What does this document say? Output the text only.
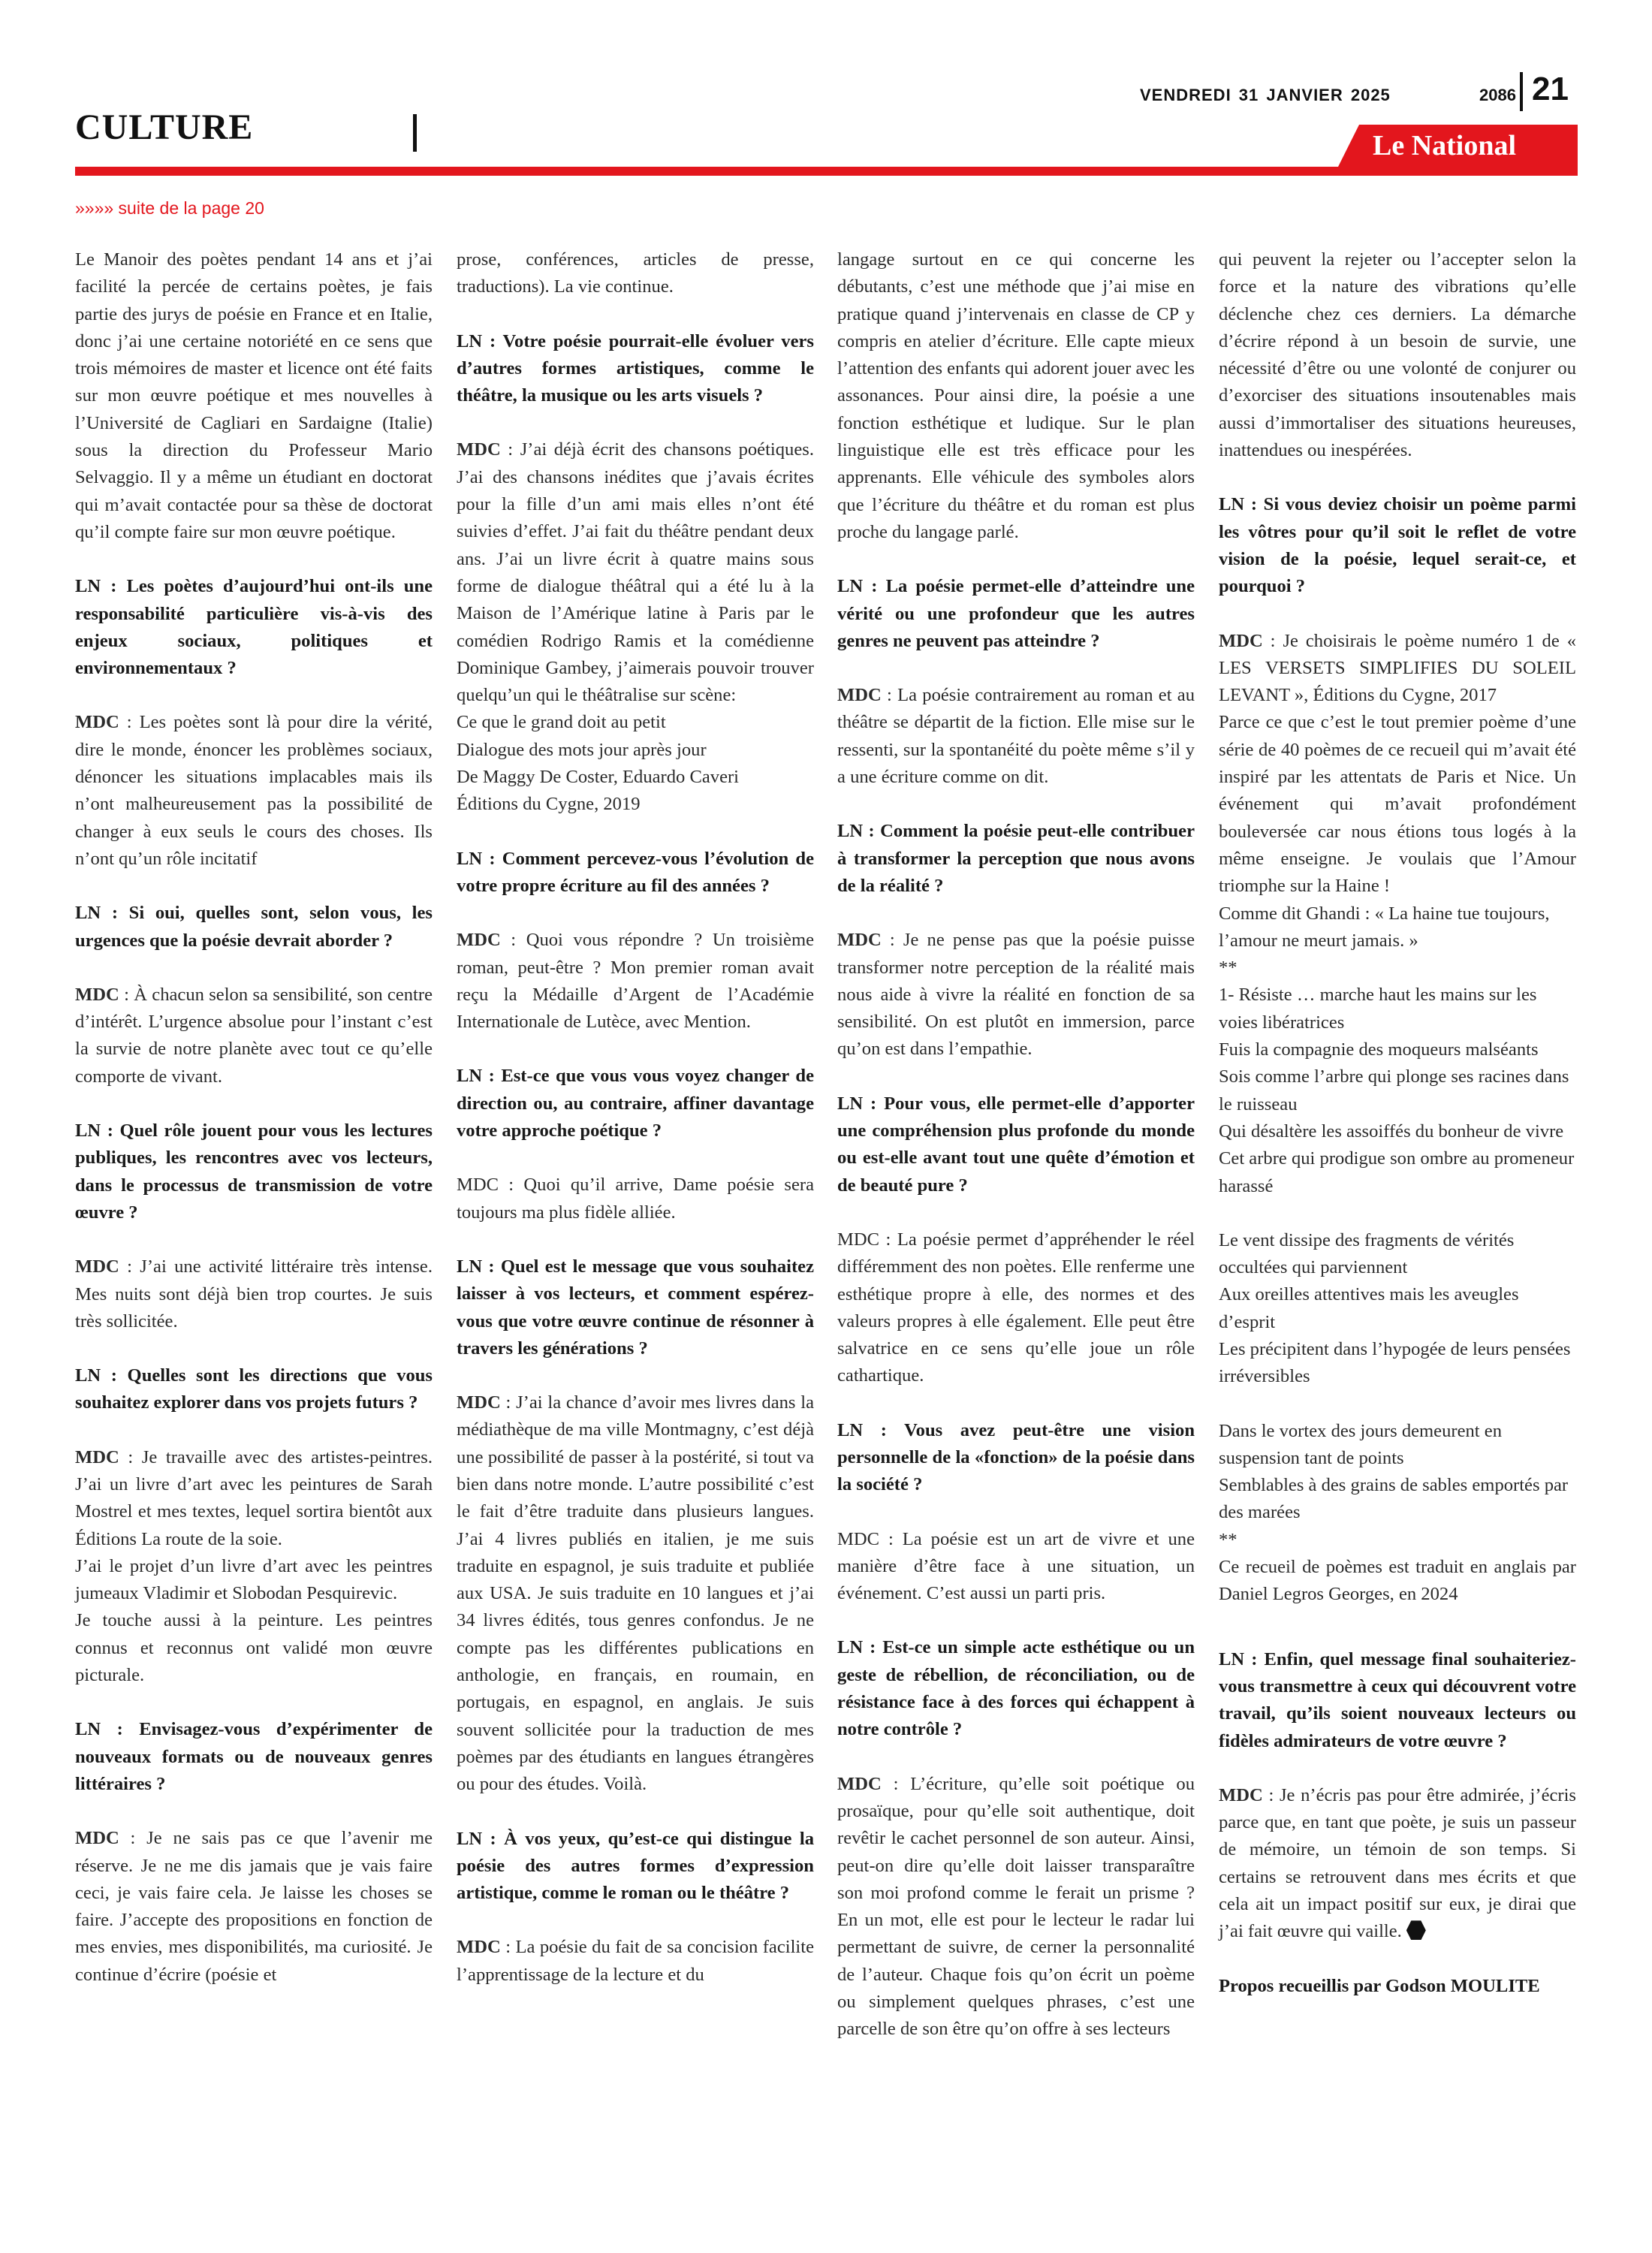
CULTURE
VENDREDI 31 JANVIER 2025	2086 21
Le National
»»»» suite de la page 20

Le Manoir des poètes pendant 14 ans et j’ai facilité la percée de certains poètes, je fais partie des jurys de poésie en France et en Italie, donc j’ai une certaine notoriété en ce sens que trois mémoires de master et licence ont été faits sur mon œuvre poétique et mes nouvelles à l’Université de Cagliari en Sardaigne (Italie) sous la direction du Professeur Mario Selvaggio. Il y a même un étudiant en doctorat qui m’avait contactée pour sa thèse de doctorat qu’il compte faire sur mon œuvre poétique.

LN : Les poètes d’aujourd’hui ont-ils une responsabilité particulière vis-à-vis des enjeux sociaux, politiques et environnementaux ?

MDC : Les poètes sont là pour dire la vérité, dire le monde, énoncer les problèmes sociaux, dénoncer les situations implacables mais ils n’ont malheureusement pas la possibilité de changer à eux seuls le cours des choses. Ils n’ont qu’un rôle incitatif

LN : Si oui, quelles sont, selon vous, les urgences que la poésie devrait aborder ?

MDC : À chacun selon sa sensibilité, son centre d’intérêt. L’urgence absolue pour l’instant c’est la survie de notre planète avec tout ce qu’elle comporte de vivant.

LN : Quel rôle jouent pour vous les lectures publiques, les rencontres avec vos lecteurs, dans le processus de transmission de votre œuvre ?

MDC : J’ai une activité littéraire très intense. Mes nuits sont déjà bien trop courtes. Je suis très sollicitée.

LN : Quelles sont les directions que vous souhaitez explorer dans vos projets futurs ?

MDC : Je travaille avec des artistes-peintres. J’ai un livre d’art avec les peintures de Sarah Mostrel et mes textes, lequel sortira bientôt aux Éditions La route de la soie.
J’ai le projet d’un livre d’art avec les peintres jumeaux Vladimir et Slobodan Pesquirevic.
Je touche aussi à la peinture. Les peintres connus et reconnus ont validé mon œuvre picturale.

LN : Envisagez-vous d’expérimenter de nouveaux formats ou de nouveaux genres littéraires ?

MDC : Je ne sais pas ce que l’avenir me réserve. Je ne me dis jamais que je vais faire ceci, je vais faire cela. Je laisse les choses se faire. J’accepte des propositions en fonction de mes envies, mes disponibilités, ma curiosité. Je continue d’écrire (poésie et

prose, conférences, articles de presse, traductions). La vie continue.

LN : Votre poésie pourrait-elle évoluer vers d’autres formes artistiques, comme le théâtre, la musique ou les arts visuels ?

MDC : J’ai déjà écrit des chansons poétiques. J’ai des chansons inédites que j’avais écrites pour la fille d’un ami mais elles n’ont été suivies d’effet. J’ai fait du théâtre pendant deux ans. J’ai un livre écrit à quatre mains sous forme de dialogue théâtral qui a été lu à la Maison de l’Amérique latine à Paris par le comédien Rodrigo Ramis et la comédienne Dominique Gambey, j’aimerais pouvoir trouver quelqu’un qui le théâtralise sur scène:
Ce que le grand doit au petit
Dialogue des mots jour après jour
De Maggy De Coster, Eduardo Caveri
Éditions du Cygne, 2019

LN : Comment percevez-vous l’évolution de votre propre écriture au fil des années ?

MDC : Quoi vous répondre ? Un troisième roman, peut-être ? Mon premier roman avait reçu la Médaille d’Argent de l’Académie Internationale de Lutèce, avec Mention.

LN : Est-ce que vous vous voyez changer de direction ou, au contraire, affiner davantage votre approche poétique ?

MDC : Quoi qu’il arrive, Dame poésie sera toujours ma plus fidèle alliée.

LN : Quel est le message que vous souhaitez laisser à vos lecteurs, et comment espérez-vous que votre œuvre continue de résonner à travers les générations ?

MDC : J’ai la chance d’avoir mes livres dans la médiathèque de ma ville Montmagny, c’est déjà une possibilité de passer à la postérité, si tout va bien dans notre monde. L’autre possibilité c’est le fait d’être traduite dans plusieurs langues. J’ai 4 livres publiés en italien, je me suis traduite en espagnol, je suis traduite et publiée aux USA. Je suis traduite en 10 langues et j’ai 34 livres édités, tous genres confondus. Je ne compte pas les différentes publications en anthologie, en français, en roumain, en portugais, en espagnol, en anglais. Je suis souvent sollicitée pour la traduction de mes poèmes par des étudiants en langues étrangères ou pour des études. Voilà.

LN : À vos yeux, qu’est-ce qui distingue la poésie des autres formes d’expression artistique, comme le roman ou le théâtre ?

MDC : La poésie du fait de sa concision facilite l’apprentissage de la lecture et du

langage surtout en ce qui concerne les débutants, c’est une méthode que j’ai mise en pratique quand j’intervenais en classe de CP y compris en atelier d’écriture. Elle capte mieux l’attention des enfants qui adorent jouer avec les assonances. Pour ainsi dire, la poésie a une fonction esthétique et ludique. Sur le plan linguistique elle est très efficace pour les apprenants. Elle véhicule des symboles alors que l’écriture du théâtre et du roman est plus proche du langage parlé.

LN : La poésie permet-elle d’atteindre une vérité ou une profondeur que les autres genres ne peuvent pas atteindre ?

MDC : La poésie contrairement au roman et au théâtre se départit de la fiction. Elle mise sur le ressenti, sur la spontanéité du poète même s’il y a une écriture comme on dit.

LN : Comment la poésie peut-elle contribuer à transformer la perception que nous avons de la réalité ?

MDC : Je ne pense pas que la poésie puisse transformer notre perception de la réalité mais nous aide à vivre la réalité en fonction de sa sensibilité. On est plutôt en immersion, parce qu’on est dans l’empathie.

LN : Pour vous, elle permet-elle d’apporter une compréhension plus profonde du monde ou est-elle avant tout une quête d’émotion et de beauté pure ?

MDC : La poésie permet d’appréhender le réel différemment des non poètes. Elle renferme une esthétique propre à elle, des normes et des valeurs propres à elle également. Elle peut être salvatrice en ce sens qu’elle joue un rôle cathartique.

LN : Vous avez peut-être une vision personnelle de la «fonction» de la poésie dans la société ?

MDC : La poésie est un art de vivre et une manière d’être face à une situation, un événement. C’est aussi un parti pris.

LN : Est-ce un simple acte esthétique ou un geste de rébellion, de réconciliation, ou de résistance face à des forces qui échappent à notre contrôle ?

MDC : L’écriture, qu’elle soit poétique ou prosaïque, pour qu’elle soit authentique, doit revêtir le cachet personnel de son auteur. Ainsi, peut-on dire qu’elle doit laisser transparaître son moi profond comme le ferait un prisme ? En un mot, elle est pour le lecteur le radar lui permettant de suivre, de cerner la personnalité de l’auteur. Chaque fois qu’on écrit un poème ou simplement quelques phrases, c’est une parcelle de son être qu’on offre à ses lecteurs

qui peuvent la rejeter ou l’accepter selon la force et la nature des vibrations qu’elle déclenche chez ces derniers. La démarche d’écrire répond à un besoin de survie, une nécessité d’être ou une volonté de conjurer ou d’exorciser des situations insoutenables mais aussi d’immortaliser des situations heureuses, inattendues ou inespérées.

LN : Si vous deviez choisir un poème parmi les vôtres pour qu’il soit le reflet de votre vision de la poésie, lequel serait-ce, et pourquoi ?

MDC : Je choisirais le poème numéro 1 de « LES VERSETS SIMPLIFIES DU SOLEIL LEVANT », Éditions du Cygne, 2017
Parce ce que c’est le tout premier poème d’une série de 40 poèmes de ce recueil qui m’avait été inspiré par les attentats de Paris et Nice. Un événement qui m’avait profondément bouleversée car nous étions tous logés à la même enseigne. Je voulais que l’Amour triomphe sur la Haine !
Comme dit Ghandi : « La haine tue toujours, l’amour ne meurt jamais. »
**
1- Résiste … marche haut les mains sur les voies libératrices
Fuis la compagnie des moqueurs malséants
Sois comme l’arbre qui plonge ses racines dans le ruisseau
Qui désaltère les assoiffés du bonheur de vivre
Cet arbre qui prodigue son ombre au promeneur harassé
Le vent dissipe des fragments de vérités occultées qui parviennent
Aux oreilles attentives mais les aveugles d’esprit
Les précipitent dans l’hypogée de leurs pensées irréversibles
Dans le vortex des jours demeurent en suspension tant de points
Semblables à des grains de sables emportés par des marées
**
Ce recueil de poèmes est traduit en anglais par Daniel Legros Georges, en 2024

LN : Enfin, quel message final souhaiteriez-vous transmettre à ceux qui découvrent votre travail, qu’ils soient nouveaux lecteurs ou fidèles admirateurs de votre œuvre ?

MDC : Je n’écris pas pour être admirée, j’écris parce que, en tant que poète, je suis un passeur de mémoire, un témoin de son temps. Si certains se retrouvent dans mes écrits et que cela ait un impact positif sur eux, je dirai que j’ai fait œuvre qui vaille.

Propos recueillis par Godson MOULITE
